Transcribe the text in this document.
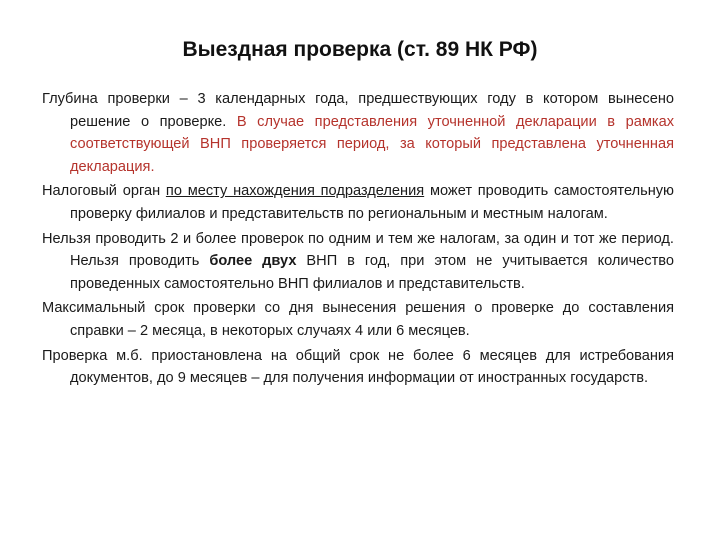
Выездная проверка (ст. 89 НК РФ)

Глубина проверки – 3 календарных года, предшествующих году в котором вынесено решение о проверке. В случае представления уточненной декларации в рамках соответствующей ВНП проверяется период, за который представлена уточненная декларация.

Налоговый орган по месту нахождения подразделения может проводить самостоятельную проверку филиалов и представительств по региональным и местным налогам.

Нельзя проводить 2 и более проверок по одним и тем же налогам, за один и тот же период. Нельзя проводить более двух ВНП в год, при этом не учитывается количество проведенных самостоятельно ВНП филиалов и представительств.

Максимальный срок проверки со дня вынесения решения о проверке до составления справки – 2 месяца, в некоторых случаях 4 или 6 месяцев.

Проверка м.б. приостановлена на общий срок не более 6 месяцев для истребования документов, до 9 месяцев – для получения информации от иностранных государств.
